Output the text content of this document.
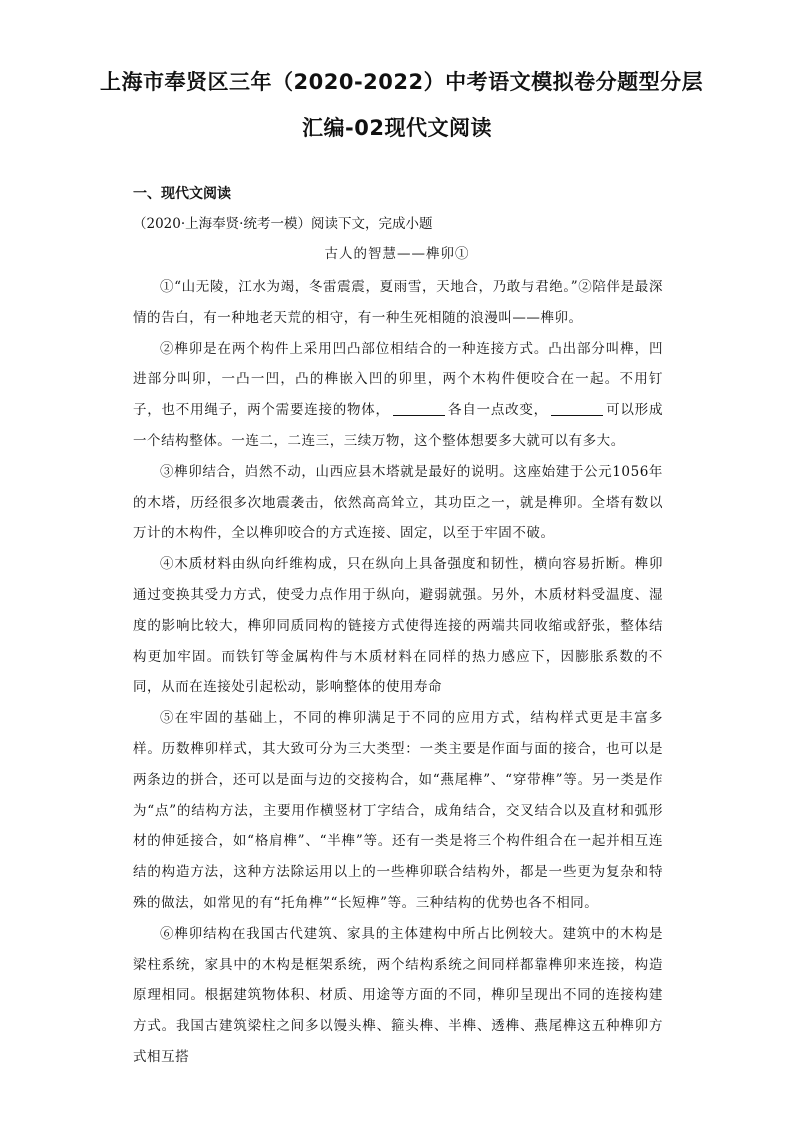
上海市奉贤区三年（2020-2022）中考语文模拟卷分题型分层
汇编-02现代文阅读
一、现代文阅读
（2020·上海奉贤·统考一模）阅读下文，完成小题
古人的智慧——榫卯①

①“山无陵，江水为竭，冬雷震震，夏雨雪，天地合，乃敢与君绝。”②陪伴是最深情的告白，有一种地老天荒的相守，有一种生死相随的浪漫叫——榫卯。

②榫卯是在两个构件上采用凹凸部位相结合的一种连接方式。凸出部分叫榫，凹进部分叫卯，一凸一凹，凸的榫嵌入凹的卯里，两个木构件便咬合在一起。不用钉子，也不用绳子，两个需要连接的物体，	各自一点改变，	可以形成一个结构整体。一连二，二连三，三续万物，这个整体想要多大就可以有多大。

③榫卯结合，岿然不动，山西应县木塔就是最好的说明。这座始建于公元1056年的木塔，历经很多次地震袭击，依然高高耸立，其功臣之一，就是榫卯。全塔有数以万计的木构件，全以榫卯咬合的方式连接、固定，以至于牢固不破。

④木质材料由纵向纤维构成，只在纵向上具备强度和韧性，横向容易折断。榫卯通过变换其受力方式，使受力点作用于纵向，避弱就强。另外，木质材料受温度、湿度的影响比较大，榫卯同质同构的链接方式使得连接的两端共同收缩或舒张，整体结构更加牢固。而铁钉等金属构件与木质材料在同样的热力感应下，因膨胀系数的不同，从而在连接处引起松动，影响整体的使用寿命

⑤在牢固的基础上，不同的榫卯满足于不同的应用方式，结构样式更是丰富多样。历数榫卯样式，其大致可分为三大类型：一类主要是作面与面的接合，也可以是两条边的拼合，还可以是面与边的交接构合，如“燕尾榫”、“穿带榫”等。另一类是作为“点”的结构方法，主要用作横竖材丁字结合，成角结合，交叉结合以及直材和弧形材的伸延接合，如“格肩榫”、“半榫”等。还有一类是将三个构件组合在一起并相互连结的构造方法，这种方法除运用以上的一些榫卯联合结构外，都是一些更为复杂和特殊的做法，如常见的有“托角榫”“长短榫”等。三种结构的优势也各不相同。

⑥榫卯结构在我国古代建筑、家具的主体建构中所占比例较大。建筑中的木构是梁柱系统，家具中的木构是框架系统，两个结构系统之间同样都靠榫卯来连接，构造原理相同。根据建筑物体积、材质、用途等方面的不同，榫卯呈现出不同的连接构建方式。我国古建筑梁柱之间多以馒头榫、箍头榫、半榫、透榫、燕尾榫这五种榫卯方式相互搭
